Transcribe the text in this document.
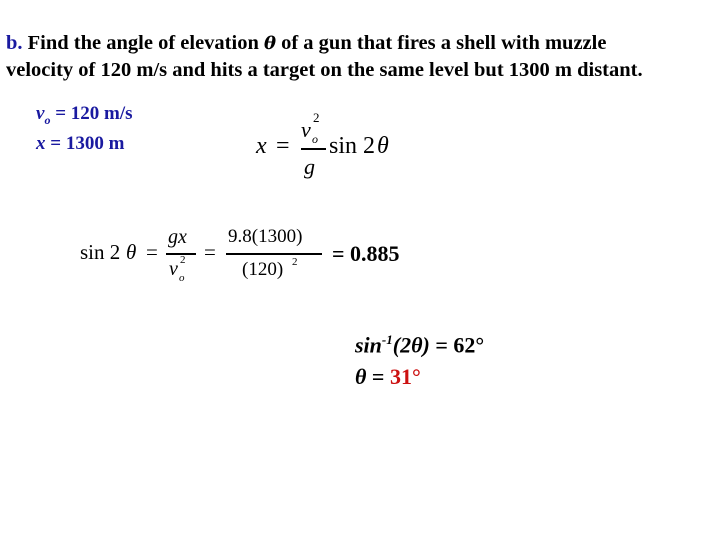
b. Find the angle of elevation θ of a gun that fires a shell with muzzle
velocity of 120 m/s and hits a target on the same level but 1300 m distant.
$v_o = 120$ m/s
x = 1300 m	x =
v o
2
g
sin 2 θ
sin 2 θ =
gx
v o
2 =
9.8(1300)
(120) 2 = 0.885
$\sin^{-1}(2\theta) = 62^\circ$
θ = 31°
